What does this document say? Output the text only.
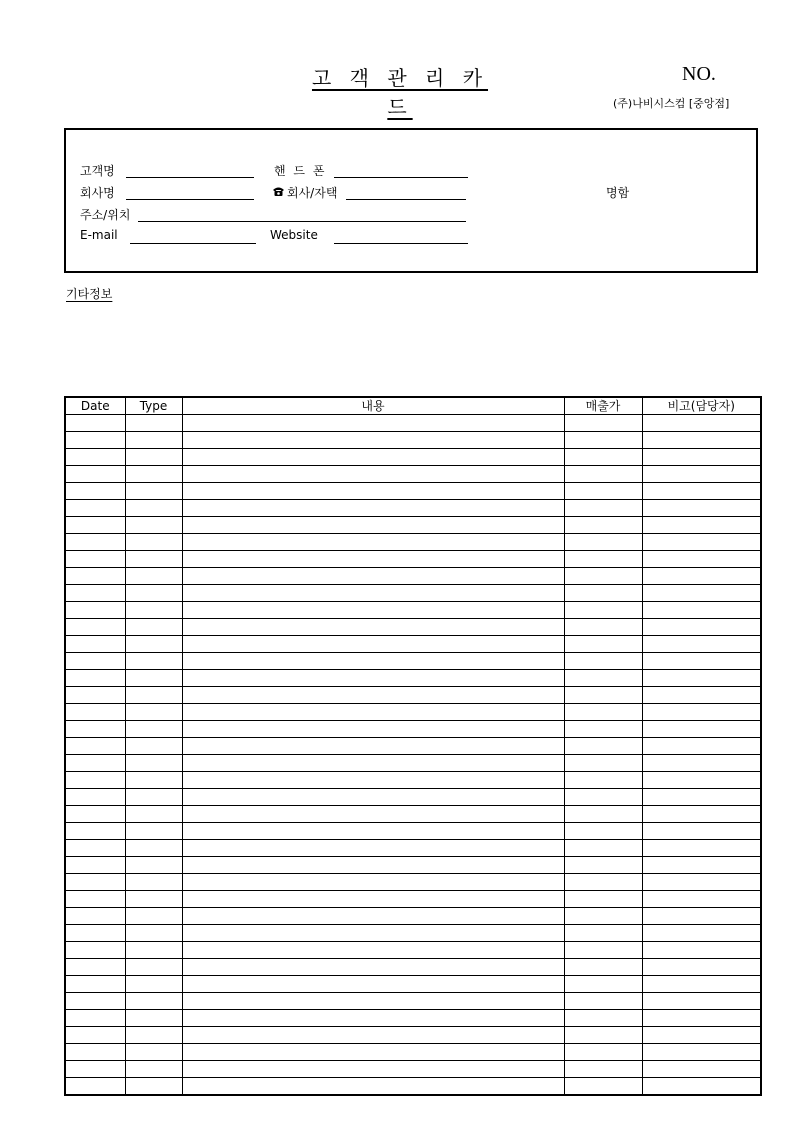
고 객 관 리 카 드
NO.
(주)나비시스컴 [중앙점]
고객명	핸 드 폰
회사명	회사/자택	명함
주소/위치
E-mail	Website
기타정보
Date	Type	내용	매출가	비고(담당자)
